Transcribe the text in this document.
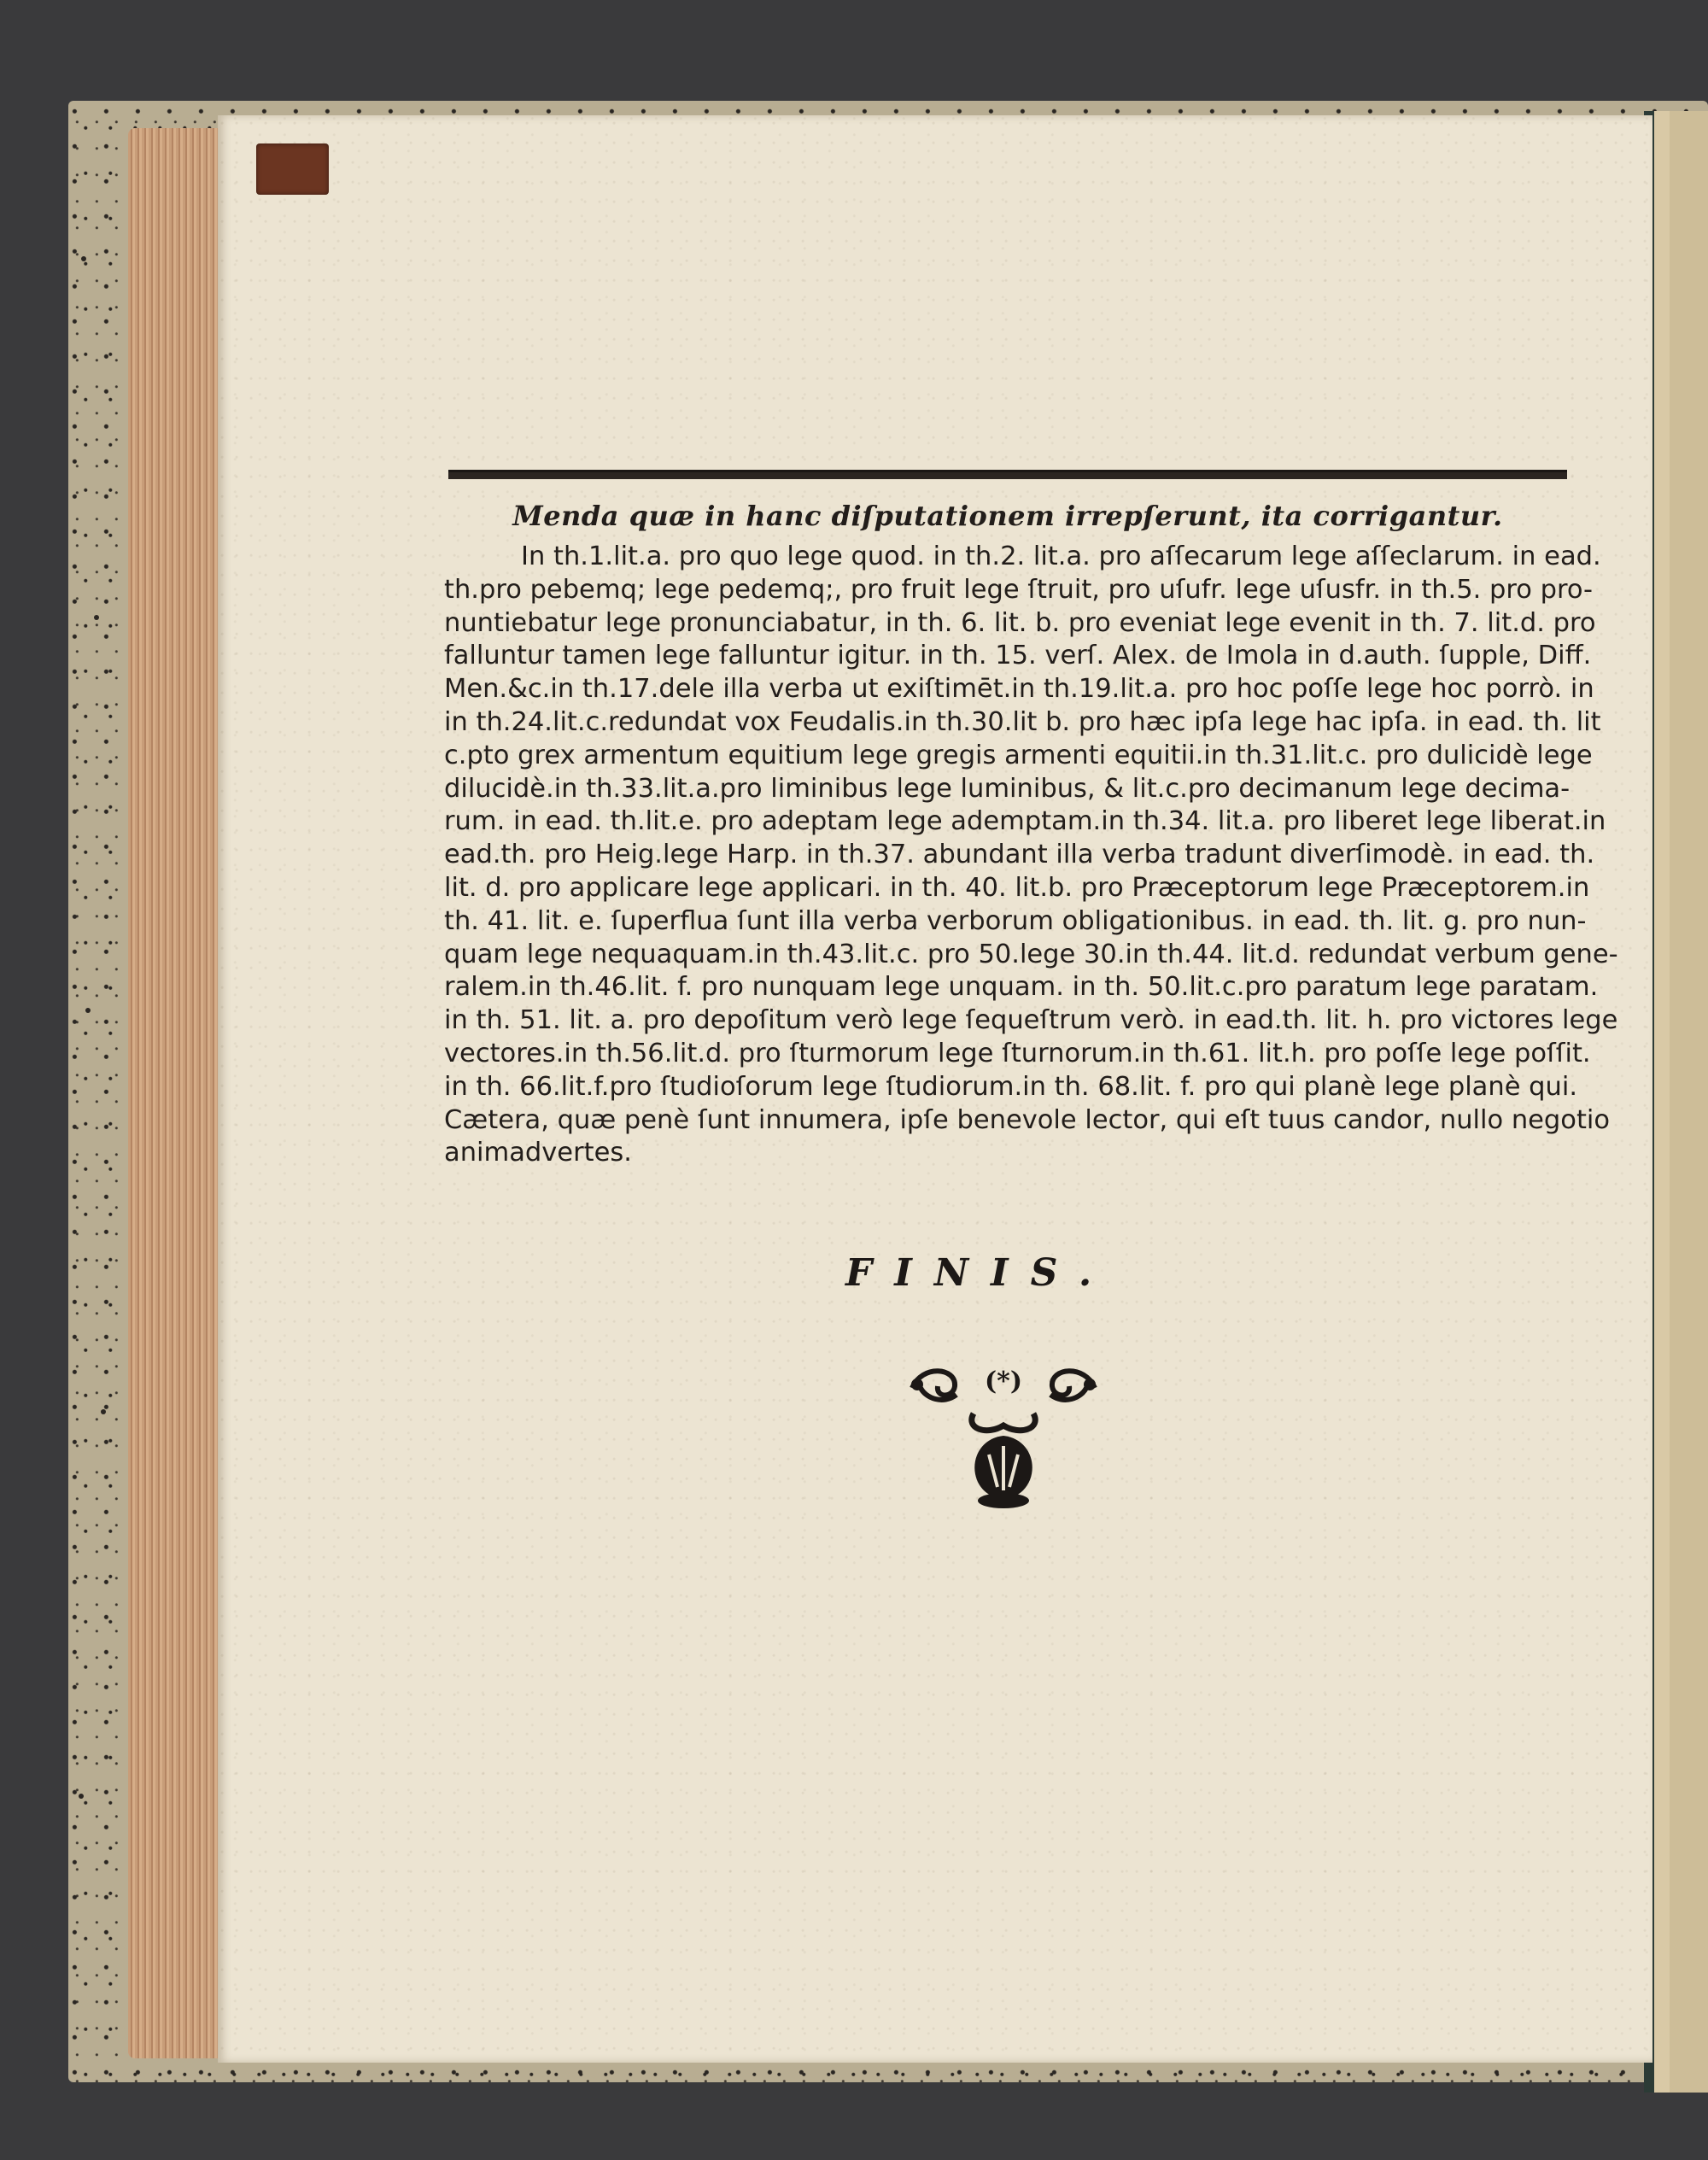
Menda quæ in hanc diſputationem irrepſerunt, ita corrigantur.

In th.1.lit.a. pro quo lege quod. in th.2. lit.a. pro aſſecarum lege aſſeclarum. in ead.

th.pro pebemq; lege pedemq;, pro fruit lege ſtruit, pro uſufr. lege uſusfr. in th.5. pro pro-

nuntiebatur lege pronunciabatur, in th. 6. lit. b. pro eveniat lege evenit in th. 7. lit.d. pro

falluntur tamen lege falluntur igitur. in th. 15. verſ. Alex. de Imola in d.auth. ſupple, Diff.

Men.&c.in th.17.dele illa verba ut exiſtimēt.in th.19.lit.a. pro hoc poſſe lege hoc porrò. in

in th.24.lit.c.redundat vox Feudalis.in th.30.lit b. pro hæc ipſa lege hac ipſa. in ead. th. lit

c.pto grex armentum equitium lege gregis armenti equitii.in th.31.lit.c. pro dulicidè lege

dilucidè.in th.33.lit.a.pro liminibus lege luminibus, & lit.c.pro decimanum lege decima-

rum. in ead. th.lit.e. pro adeptam lege ademptam.in th.34. lit.a. pro liberet lege liberat.in

ead.th. pro Heig.lege Harp. in th.37. abundant illa verba tradunt diverſimodè. in ead. th.

lit. d. pro applicare lege applicari. in th. 40. lit.b. pro Præceptorum lege Præceptorem.in

th. 41. lit. e. ſuperflua ſunt illa verba verborum obligationibus. in ead. th. lit. g. pro nun-

quam lege nequaquam.in th.43.lit.c. pro 50.lege 30.in th.44. lit.d. redundat verbum gene-

ralem.in th.46.lit. f. pro nunquam lege unquam. in th. 50.lit.c.pro paratum lege paratam.

in th. 51. lit. a. pro depoſitum verò lege ſequeſtrum verò. in ead.th. lit. h. pro victores lege

vectores.in th.56.lit.d. pro ſturmorum lege ſturnorum.in th.61. lit.h. pro poſſe lege poſſit.

in th. 66.lit.f.pro ſtudioſorum lege ſtudiorum.in th. 68.lit. f. pro qui planè lege planè qui.

Cætera, quæ penè ſunt innumera, ipſe benevole lector, qui eſt tuus candor, nullo negotio

animadvertes.

FINIS.
(*)
